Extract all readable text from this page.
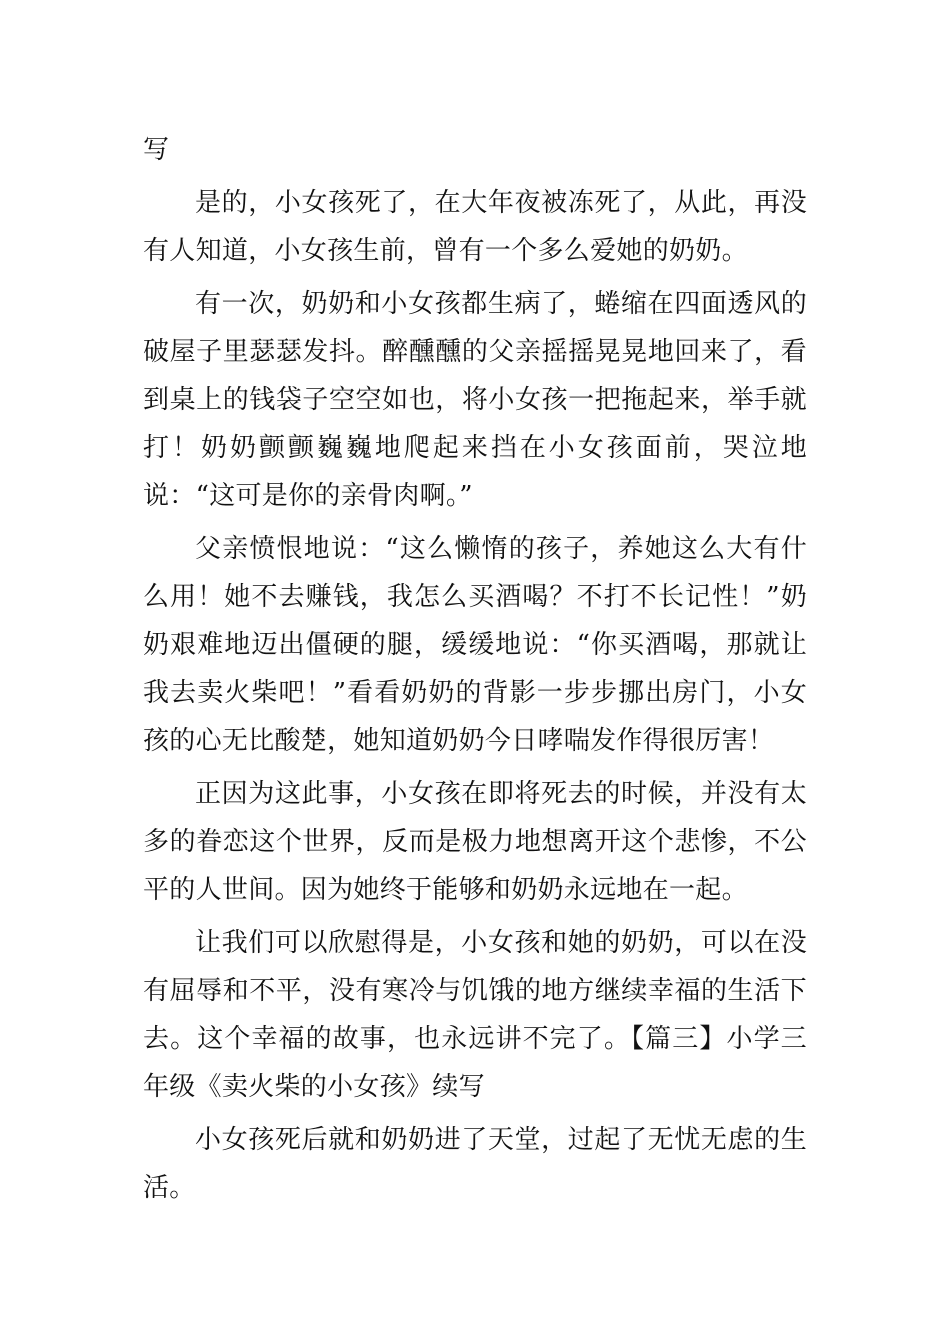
写

是的，小女孩死了，在大年夜被冻死了，从此，再没有人知道，小女孩生前，曾有一个多么爱她的奶奶。

有一次，奶奶和小女孩都生病了，蜷缩在四面透风的破屋子里瑟瑟发抖。醉醺醺的父亲摇摇晃晃地回来了，看到桌上的钱袋子空空如也，将小女孩一把拖起来，举手就打！奶奶颤颤巍巍地爬起来挡在小女孩面前，哭泣地说：“这可是你的亲骨肉啊。”

父亲愤恨地说：“这么懒惰的孩子，养她这么大有什么用！她不去赚钱，我怎么买酒喝？不打不长记性！”奶奶艰难地迈出僵硬的腿，缓缓地说：“你买酒喝，那就让我去卖火柴吧！”看看奶奶的背影一步步挪出房门，小女孩的心无比酸楚，她知道奶奶今日哮喘发作得很厉害！

正因为这此事，小女孩在即将死去的时候，并没有太多的眷恋这个世界，反而是极力地想离开这个悲惨，不公平的人世间。因为她终于能够和奶奶永远地在一起。

让我们可以欣慰得是，小女孩和她的奶奶，可以在没有屈辱和不平，没有寒冷与饥饿的地方继续幸福的生活下去。这个幸福的故事，也永远讲不完了。【篇三】小学三年级《卖火柴的小女孩》续写

小女孩死后就和奶奶进了天堂，过起了无忧无虑的生活。
